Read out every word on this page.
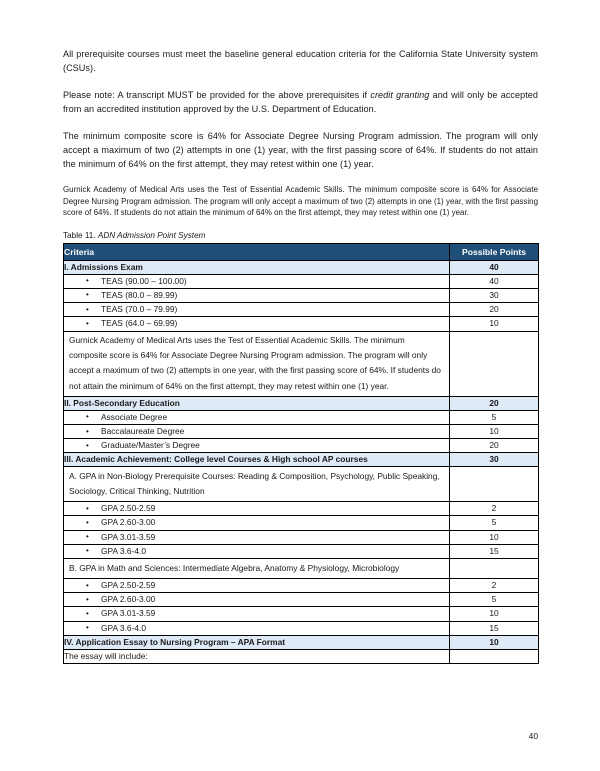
All prerequisite courses must meet the baseline general education criteria for the California State University system (CSUs).

Please note: A transcript MUST be provided for the above prerequisites if credit granting and will only be accepted from an accredited institution approved by the U.S. Department of Education.

The minimum composite score is 64% for Associate Degree Nursing Program admission. The program will only accept a maximum of two (2) attempts in one (1) year, with the first passing score of 64%. If students do not attain the minimum of 64% on the first attempt, they may retest within one (1) year.

Gurnick Academy of Medical Arts uses the Test of Essential Academic Skills. The minimum composite score is 64% for Associate Degree Nursing Program admission. The program will only accept a maximum of two (2) attempts in one (1) year, with the first passing score of 64%. If students do not attain the minimum of 64% on the first attempt, they may retest within one (1) year.

Table 11. ADN Admission Point System
Criteria	Possible Points
I. Admissions Exam	40
•TEAS (90.00 – 100.00)	40
•TEAS (80.0 – 89.99)	30
•TEAS (70.0 – 79.99)	20
•TEAS (64.0 – 69.99)	10
Gurnick Academy of Medical Arts uses the Test of Essential Academic Skills. The minimum composite score is 64% for Associate Degree Nursing Program admission. The program will only accept a maximum of two (2) attempts in one year, with the first passing score of 64%. If students do not attain the minimum of 64% on the first attempt, they may retest within one (1) year.	
II. Post-Secondary Education	20
•Associate Degree	5
•Baccalaureate Degree	10
•Graduate/Master’s Degree	20
III. Academic Achievement: College level Courses & High school AP courses	30
A. GPA in Non-Biology Prerequisite Courses: Reading & Composition, Psychology, Public Speaking, Sociology, Critical Thinking, Nutrition	
•GPA 2.50-2.59	2
•GPA 2.60-3.00	5
•GPA 3.01-3.59	10
•GPA 3.6-4.0	15
B. GPA in Math and Sciences: Intermediate Algebra, Anatomy & Physiology, Microbiology	
•GPA 2.50-2.59	2
•GPA 2.60-3.00	5
•GPA 3.01-3.59	10
•GPA 3.6-4.0	15
IV. Application Essay to Nursing Program – APA Format	10
The essay will include:	
40
